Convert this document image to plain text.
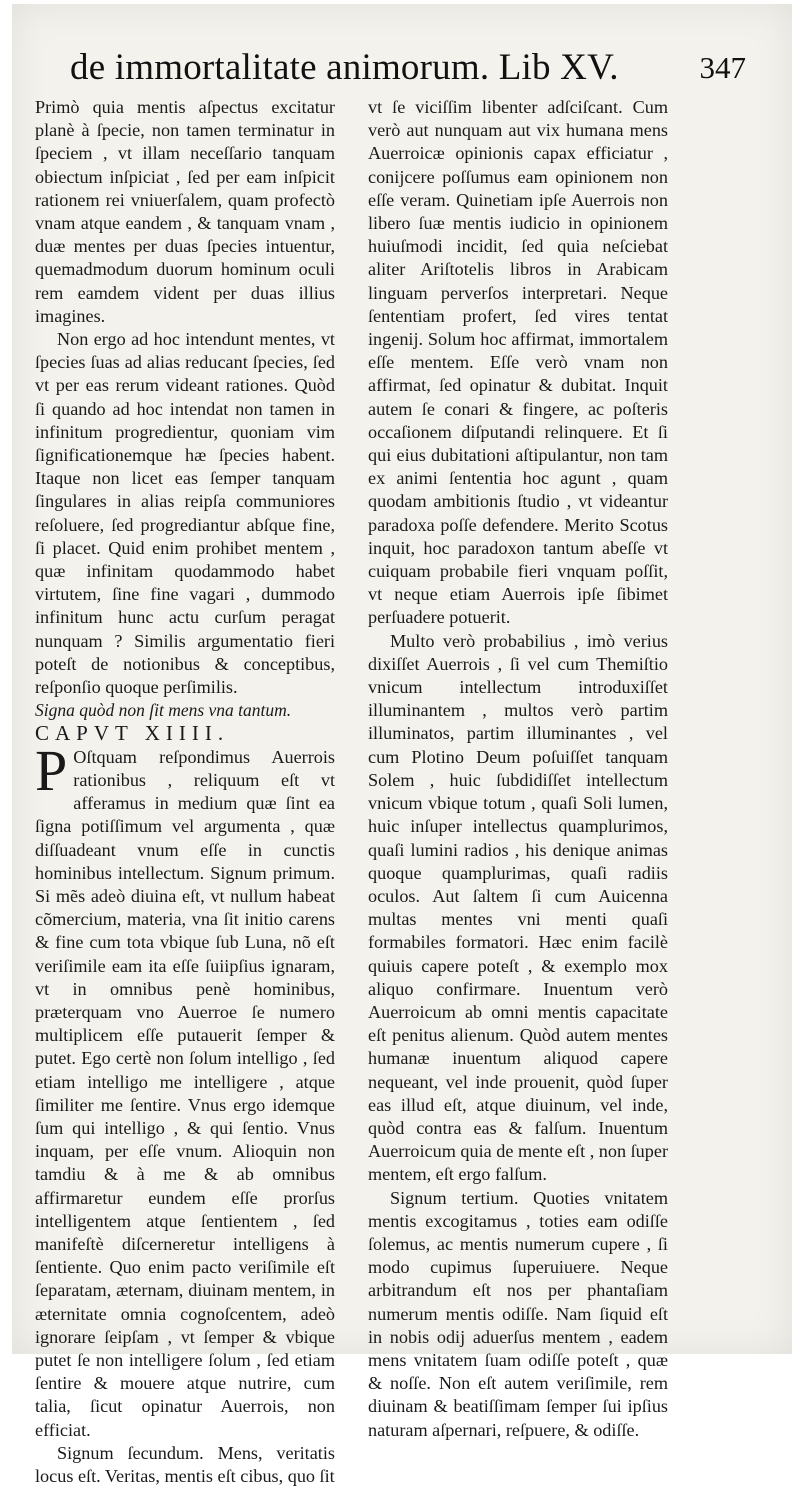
de immortalitate animorum. Lib XV.	347

Primò quia mentis aſpectus excitatur planè à ſpecie, non tamen terminatur in ſpeciem , vt illam neceſſario tanquam obiectum inſpiciat , ſed per eam inſpicit rationem rei vniuerſalem, quam profectò vnam atque eandem , & tanquam vnam , duæ mentes per duas ſpecies intuentur, quemadmodum duorum hominum oculi rem eamdem vident per duas illius imagines.

Non ergo ad hoc intendunt mentes, vt ſpecies ſuas ad alias reducant ſpecies, ſed vt per eas rerum videant rationes. Quòd ſi quando ad hoc intendat non tamen in infinitum progredientur, quoniam vim ſignificationemque hæ ſpecies habent. Itaque non licet eas ſemper tanquam ſingulares in alias reipſa communiores reſoluere, ſed progrediantur abſque fine, ſi placet. Quid enim prohibet mentem , quæ infinitam quodammodo habet virtutem, ſine fine vagari , dummodo infinitum hunc actu curſum peragat nunquam ? Similis argumentatio fieri poteſt de notionibus & conceptibus, reſponſio quoque perſimilis.

Signa quòd non ſit mens vna tantum.

CAPVT XIIII.

P Oſtquam reſpondimus Auerrois rationibus , reliquum eſt vt afferamus in medium quæ ſint ea ſigna potiſſimum vel argumenta , quæ diſſuadeant vnum eſſe in cunctis hominibus intellectum. Signum primum. Si mẽs adeò diuina eſt, vt nullum habeat cõmercium, materia, vna ſit initio carens & fine cum tota vbique ſub Luna, nõ eſt veriſimile eam ita eſſe ſuiipſius ignaram, vt in omnibus penè hominibus, præterquam vno Auerroe ſe numero multiplicem eſſe putauerit ſemper & putet. Ego certè non ſolum intelligo , ſed etiam intelligo me intelligere , atque ſimiliter me ſentire. Vnus ergo idemque ſum qui intelligo , & qui ſentio. Vnus inquam, per eſſe vnum. Alioquin non tamdiu & à me & ab omnibus affirmaretur eundem eſſe prorſus intelligentem atque ſentientem , ſed manifeſtè diſcerneretur intelligens à ſentiente. Quo enim pacto veriſimile eſt ſeparatam, æternam, diuinam mentem, in æternitate omnia cognoſcentem, adeò ignorare ſeipſam , vt ſemper & vbique putet ſe non intelligere ſolum , ſed etiam ſentire & mouere atque nutrire, cum talia, ſicut opinatur Auerrois, non efficiat.

Signum ſecundum. Mens, veritatis locus eſt. Veritas, mentis eſt cibus, quo ſit

vt ſe viciſſim libenter adſciſcant. Cum verò aut nunquam aut vix humana mens Auerroicæ opinionis capax efficiatur , conijcere poſſumus eam opinionem non eſſe veram. Quinetiam ipſe Auerrois non libero ſuæ mentis iudicio in opinionem huiuſmodi incidit, ſed quia neſciebat aliter Ariſtotelis libros in Arabicam linguam perverſos interpretari. Neque ſententiam profert, ſed vires tentat ingenij. Solum hoc affirmat, immortalem eſſe mentem. Eſſe verò vnam non affirmat, ſed opinatur & dubitat. Inquit autem ſe conari & fingere, ac poſteris occaſionem diſputandi relinquere. Et ſi qui eius dubitationi aſtipulantur, non tam ex animi ſententia hoc agunt , quam quodam ambitionis ſtudio , vt videantur paradoxa poſſe defendere. Merito Scotus inquit, hoc paradoxon tantum abeſſe vt cuiquam probabile fieri vnquam poſſit, vt neque etiam Auerrois ipſe ſibimet perſuadere potuerit.

Multo verò probabilius , imò verius dixiſſet Auerrois , ſi vel cum Themiſtio vnicum intellectum introduxiſſet illuminantem , multos verò partim illuminatos, partim illuminantes , vel cum Plotino Deum poſuiſſet tanquam Solem , huic ſubdidiſſet intellectum vnicum vbique totum , quaſi Soli lumen, huic inſuper intellectus quamplurimos, quaſi lumini radios , his denique animas quoque quamplurimas, quaſi radiis oculos. Aut ſaltem ſi cum Auicenna multas mentes vni menti quaſi formabiles formatori. Hæc enim facilè quiuis capere poteſt , & exemplo mox aliquo confirmare. Inuentum verò Auerroicum ab omni mentis capacitate eſt penitus alienum. Quòd autem mentes humanæ inuentum aliquod capere nequeant, vel inde prouenit, quòd ſuper eas illud eſt, atque diuinum, vel inde, quòd contra eas & falſum. Inuentum Auerroicum quia de mente eſt , non ſuper mentem, eſt ergo falſum.

Signum tertium. Quoties vnitatem mentis excogitamus , toties eam odiſſe ſolemus, ac mentis numerum cupere , ſi modo cupimus ſuperuiuere. Neque arbitrandum eſt nos per phantaſiam numerum mentis odiſſe. Nam ſiquid eſt in nobis odij aduerſus mentem , eadem mens vnitatem ſuam odiſſe poteſt , quæ & noſſe. Non eſt autem veriſimile, rem diuinam & beatiſſimam ſemper ſui ipſius naturam aſpernari, reſpuere, & odiſſe.
